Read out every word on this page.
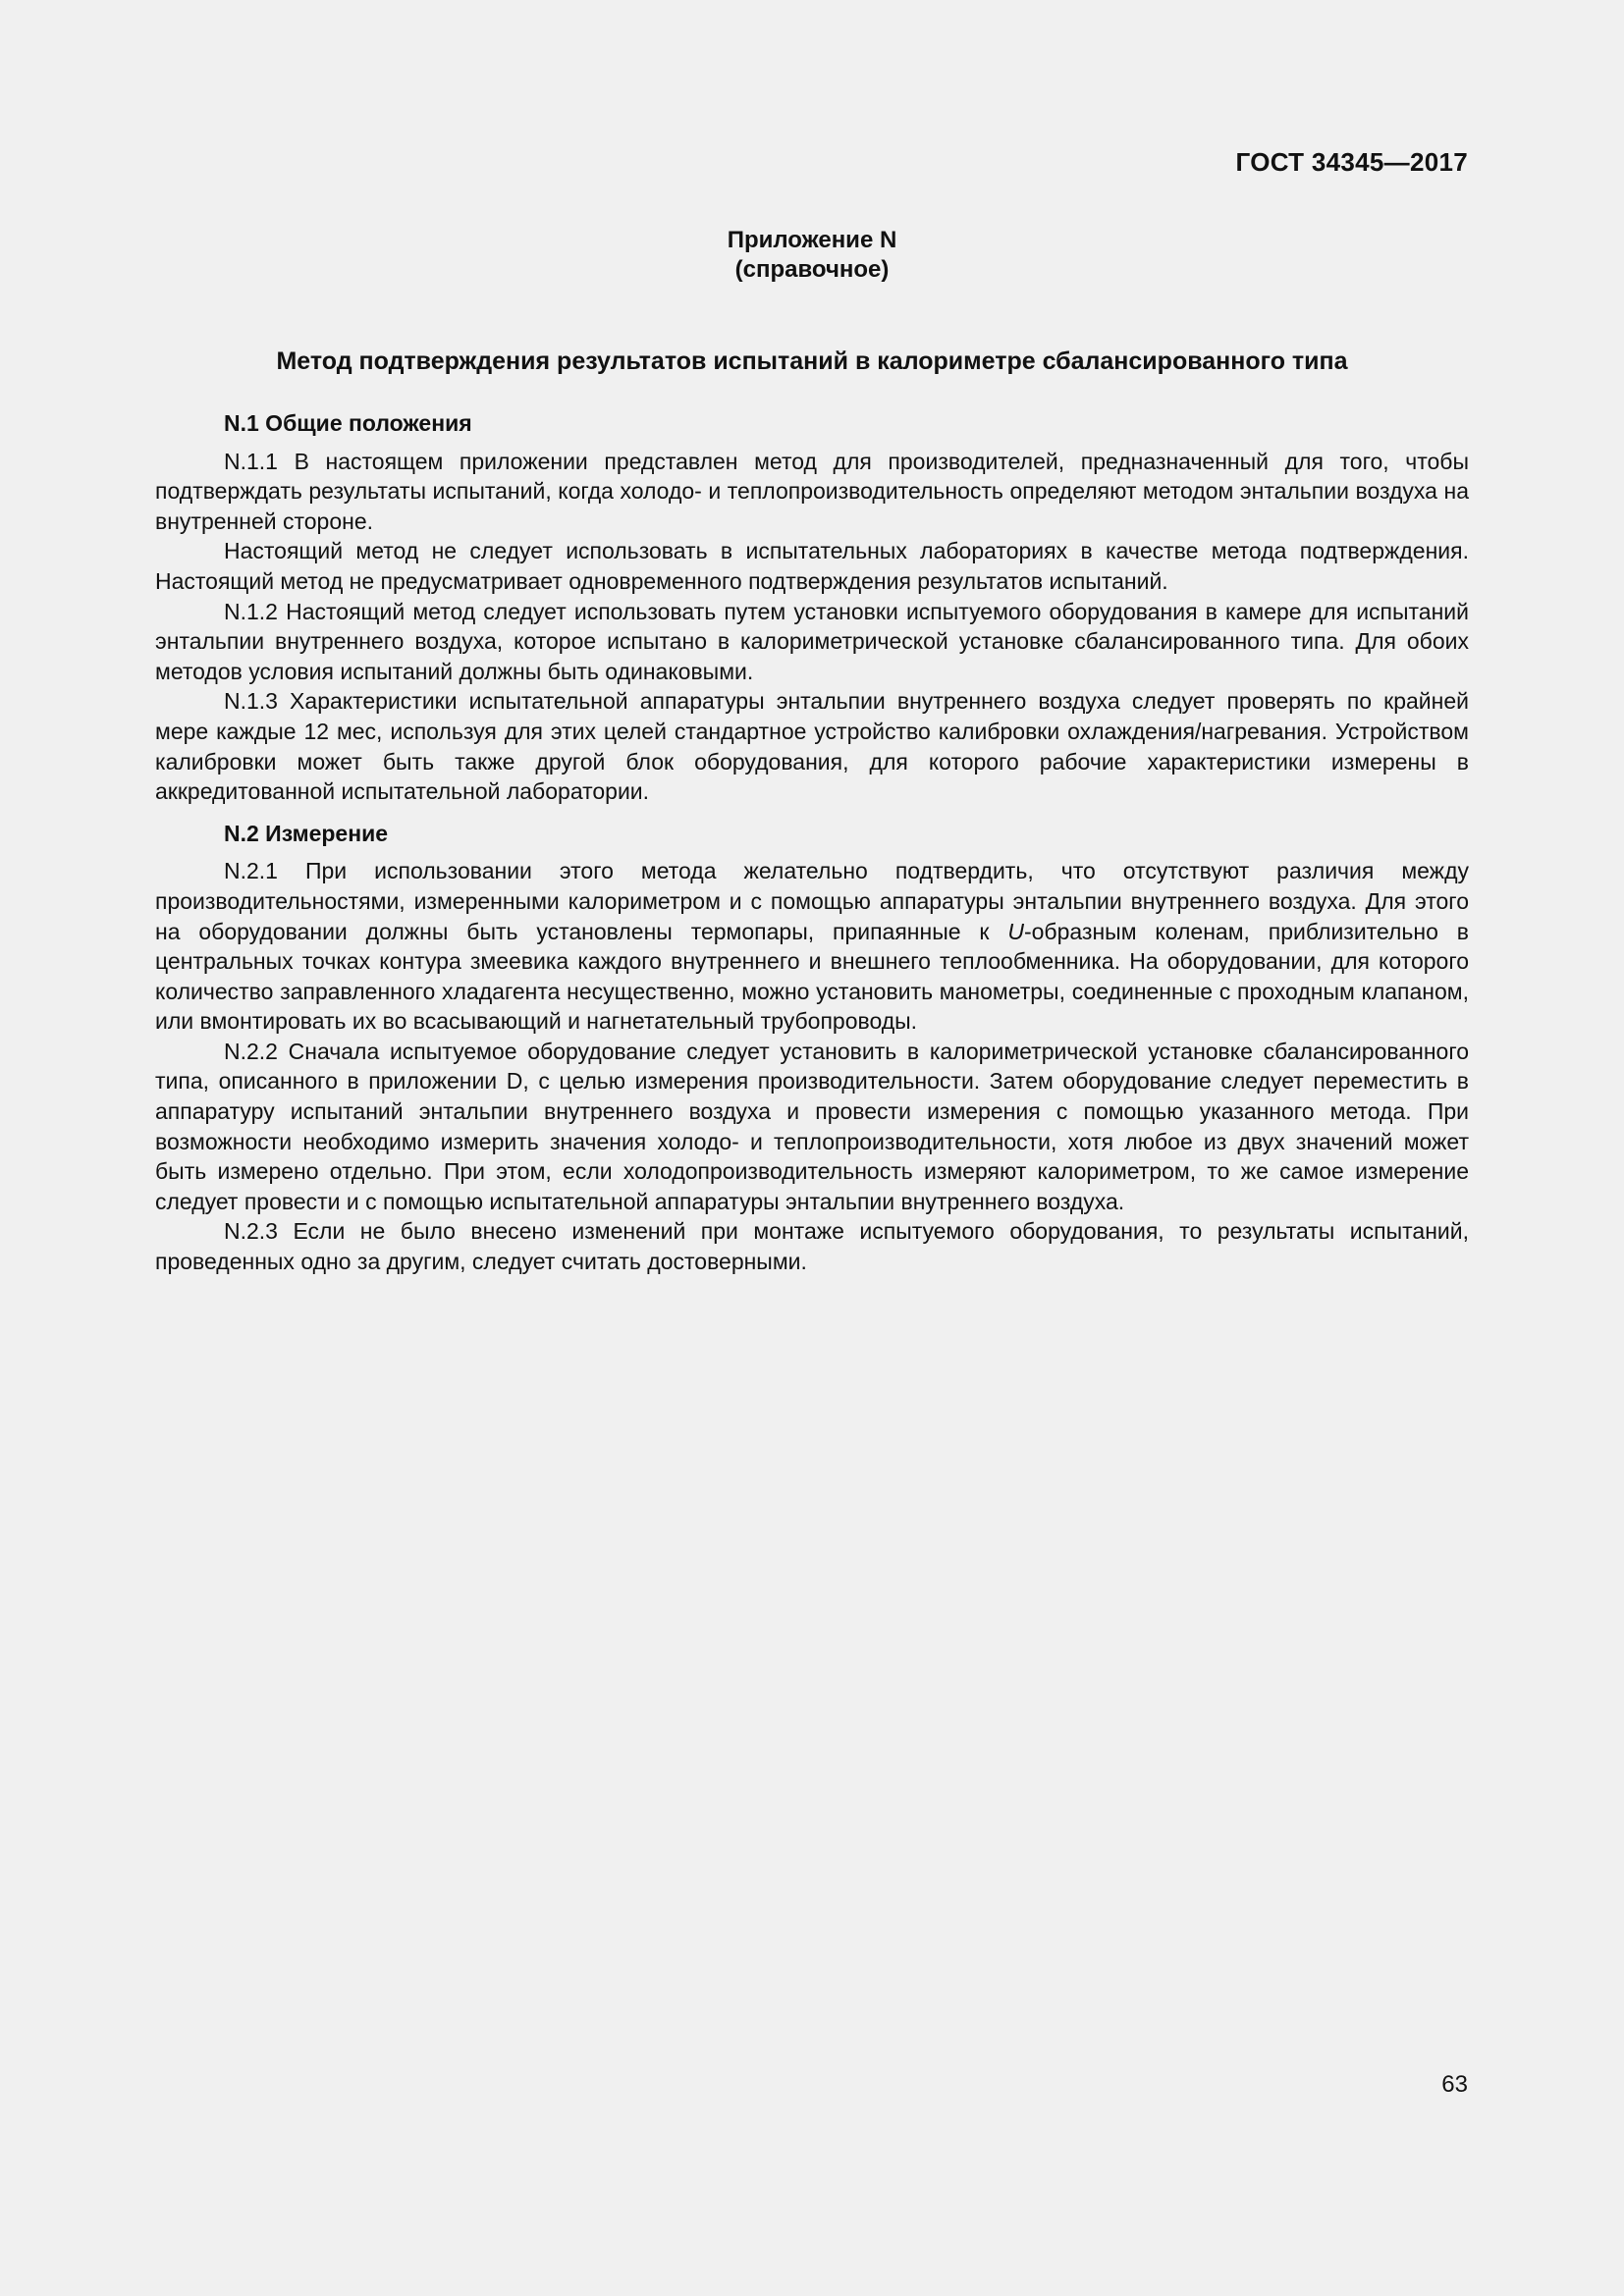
ГОСТ 34345—2017
Приложение N
(справочное)
Метод подтверждения результатов испытаний в калориметре сбалансированного типа
N.1 Общие положения

N.1.1 В настоящем приложении представлен метод для производителей, предназначенный для того, чтобы подтверждать результаты испытаний, когда холодо- и теплопроизводительность определяют методом энтальпии воздуха на внутренней стороне.

Настоящий метод не следует использовать в испытательных лабораториях в качестве метода подтверждения. Настоящий метод не предусматривает одновременного подтверждения результатов испытаний.

N.1.2 Настоящий метод следует использовать путем установки испытуемого оборудования в камере для испытаний энтальпии внутреннего воздуха, которое испытано в калориметрической установке сбалансированного типа. Для обоих методов условия испытаний должны быть одинаковыми.

N.1.3 Характеристики испытательной аппаратуры энтальпии внутреннего воздуха следует проверять по крайней мере каждые 12 мес, используя для этих целей стандартное устройство калибровки охлаждения/нагревания. Устройством калибровки может быть также другой блок оборудования, для которого рабочие характеристики измерены в аккредитованной испытательной лаборатории.

N.2 Измерение

N.2.1 При использовании этого метода желательно подтвердить, что отсутствуют различия между производительностями, измеренными калориметром и с помощью аппаратуры энтальпии внутреннего воздуха. Для этого на оборудовании должны быть установлены термопары, припаянные к U-образным коленам, приблизительно в центральных точках контура змеевика каждого внутреннего и внешнего теплообменника. На оборудовании, для которого количество заправленного хладагента несущественно, можно установить манометры, соединенные с проходным клапаном, или вмонтировать их во всасывающий и нагнетательный трубопроводы.

N.2.2 Сначала испытуемое оборудование следует установить в калориметрической установке сбалансированного типа, описанного в приложении D, с целью измерения производительности. Затем оборудование следует переместить в аппаратуру испытаний энтальпии внутреннего воздуха и провести измерения с помощью указанного метода. При возможности необходимо измерить значения холодо- и теплопроизводительности, хотя любое из двух значений может быть измерено отдельно. При этом, если холодопроизводительность измеряют калориметром, то же самое измерение следует провести и с помощью испытательной аппаратуры энтальпии внутреннего воздуха.

N.2.3 Если не было внесено изменений при монтаже испытуемого оборудования, то результаты испытаний, проведенных одно за другим, следует считать достоверными.

63
